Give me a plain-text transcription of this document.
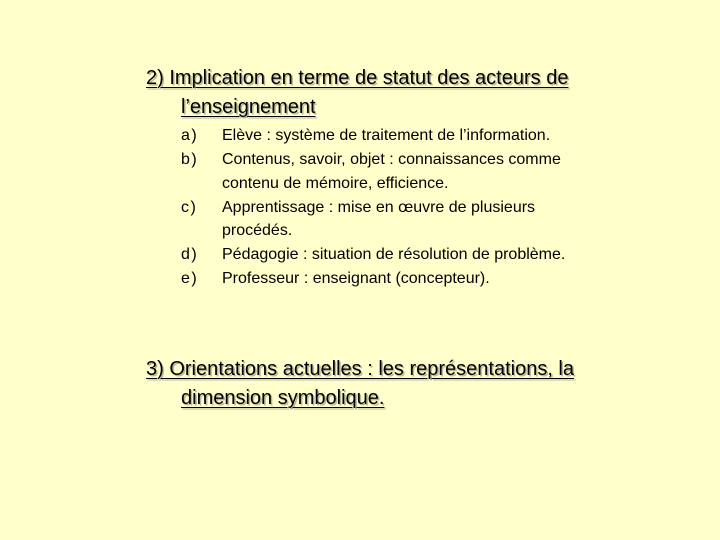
2) Implication en terme de statut des acteurs de
l’enseignement
a)	Elève : système de traitement de l’information.
b)	Contenus, savoir, objet : connaissances comme
contenu de mémoire, efficience.
c)	Apprentissage : mise en œuvre de plusieurs
procédés.
d)	Pédagogie : situation de résolution de problème.
e)	Professeur : enseignant (concepteur).
3) Orientations actuelles : les représentations, la
dimension symbolique.
